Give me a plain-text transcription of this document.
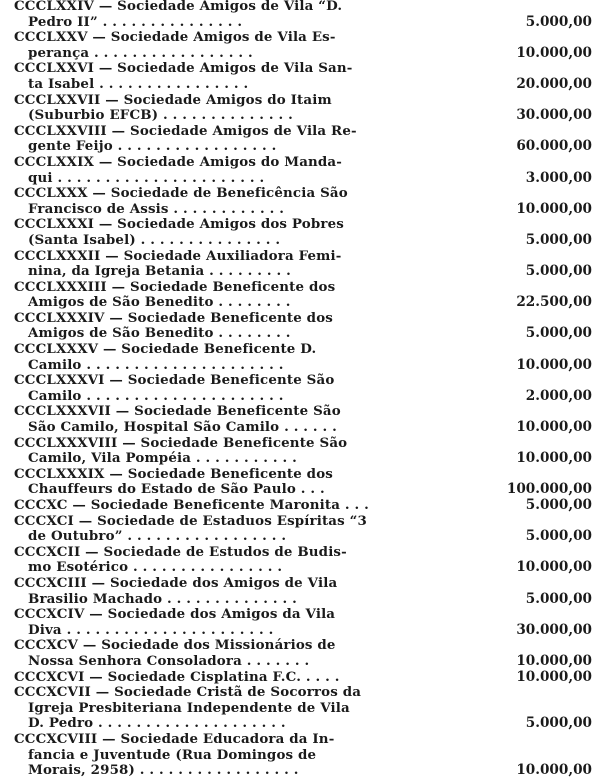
CCCLXXIV — Sociedade Amigos de Vila “D.
Pedro II” . . . . . . . . . . . . . . .	5.000,00
CCCLXXV — Sociedade Amigos de Vila Es-
perança . . . . . . . . . . . . . . . . .	10.000,00
CCCLXXVI — Sociedade Amigos de Vila San-
ta Isabel . . . . . . . . . . . . . . . .	20.000,00
CCCLXXVII — Sociedade Amigos do Itaim
(Suburbio EFCB) . . . . . . . . . . . . . .	30.000,00
CCCLXXVIII — Sociedade Amigos de Vila Re-
gente Feijo . . . . . . . . . . . . . . . . .	60.000,00
CCCLXXIX — Sociedade Amigos do Manda-
qui . . . . . . . . . . . . . . . . . . . . . .	3.000,00
CCCLXXX — Sociedade de Beneficência São
Francisco de Assis . . . . . . . . . . . .	10.000,00
CCCLXXXI — Sociedade Amigos dos Pobres
(Santa Isabel) . . . . . . . . . . . . . . .	5.000,00
CCCLXXXII — Sociedade Auxiliadora Femi-
nina, da Igreja Betania . . . . . . . . .	5.000,00
CCCLXXXIII — Sociedade Beneficente dos
Amigos de São Benedito . . . . . . . .	22.500,00
CCCLXXXIV — Sociedade Beneficente dos
Amigos de São Benedito . . . . . . . .	5.000,00
CCCLXXXV — Sociedade Beneficente D.
Camilo . . . . . . . . . . . . . . . . . . . . .	10.000,00
CCCLXXXVI — Sociedade Beneficente São
Camilo . . . . . . . . . . . . . . . . . . . . .	2.000,00
CCCLXXXVII — Sociedade Beneficente São
São Camilo, Hospital São Camilo . . . . . .	10.000,00
CCCLXXXVIII — Sociedade Beneficente São
Camilo, Vila Pompéia . . . . . . . . . . .	10.000,00
CCCLXXXIX — Sociedade Beneficente dos
Chauffeurs do Estado de São Paulo . . .	100.000,00
CCCXC — Sociedade Beneficente Maronita . . .	5.000,00
CCCXCI — Sociedade de Estaduos Espíritas “3
de Outubro” . . . . . . . . . . . . . . . . .	5.000,00
CCCXCII — Sociedade de Estudos de Budis-
mo Esotérico . . . . . . . . . . . . . . . .	10.000,00
CCCXCIII — Sociedade dos Amigos de Vila
Brasilio Machado . . . . . . . . . . . . . .	5.000,00
CCCXCIV — Sociedade dos Amigos da Vila
Diva . . . . . . . . . . . . . . . . . . . . . .	30.000,00
CCCXCV — Sociedade dos Missionários de
Nossa Senhora Consoladora . . . . . . .	10.000,00
CCCXCVI — Sociedade Cisplatina F.C. . . . .	10.000,00
CCCXCVII — Sociedade Cristã de Socorros da
Igreja Presbiteriana Independente de Vila
D. Pedro . . . . . . . . . . . . . . . . . . . .	5.000,00
CCCXCVIII — Sociedade Educadora da In-
fancia e Juventude (Rua Domingos de
Morais, 2958) . . . . . . . . . . . . . . . . .	10.000,00
